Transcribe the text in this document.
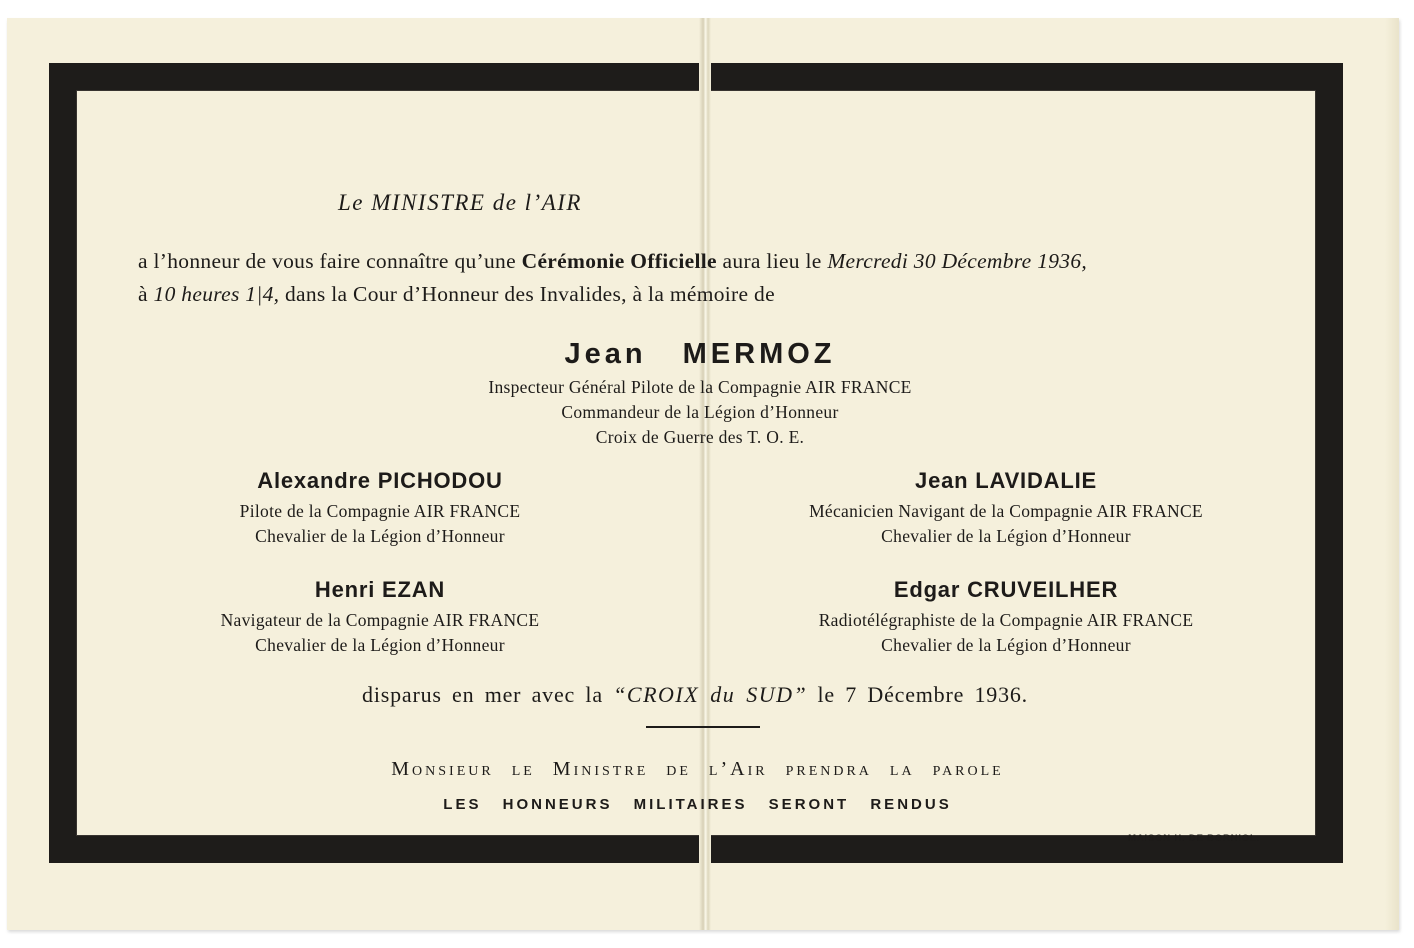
Le MINISTRE de l’AIR
a l’honneur de vous faire connaître qu’une Cérémonie Officielle aura lieu le Mercredi 30 Décembre 1936,
à 10 heures 1|4, dans la Cour d’Honneur des Invalides, à la mémoire de
Jean MERMOZ
Inspecteur Général Pilote de la Compagnie AIR FRANCE
Commandeur de la Légion d’Honneur
Croix de Guerre des T. O. E.
Alexandre PICHODOU
Pilote de la Compagnie AIR FRANCE
Chevalier de la Légion d’Honneur
Jean LAVIDALIE
Mécanicien Navigant de la Compagnie AIR FRANCE
Chevalier de la Légion d’Honneur
Henri EZAN
Navigateur de la Compagnie AIR FRANCE
Chevalier de la Légion d’Honneur
Edgar CRUVEILHER
Radiotélégraphiste de la Compagnie AIR FRANCE
Chevalier de la Légion d’Honneur
disparus en mer avec la “CROIX du SUD” le 7 Décembre 1936.
Monsieur le Ministre de l’Air prendra la parole
LES HONNEURS MILITAIRES SERONT RENDUS
MAISON H. DE BORNIOL.
